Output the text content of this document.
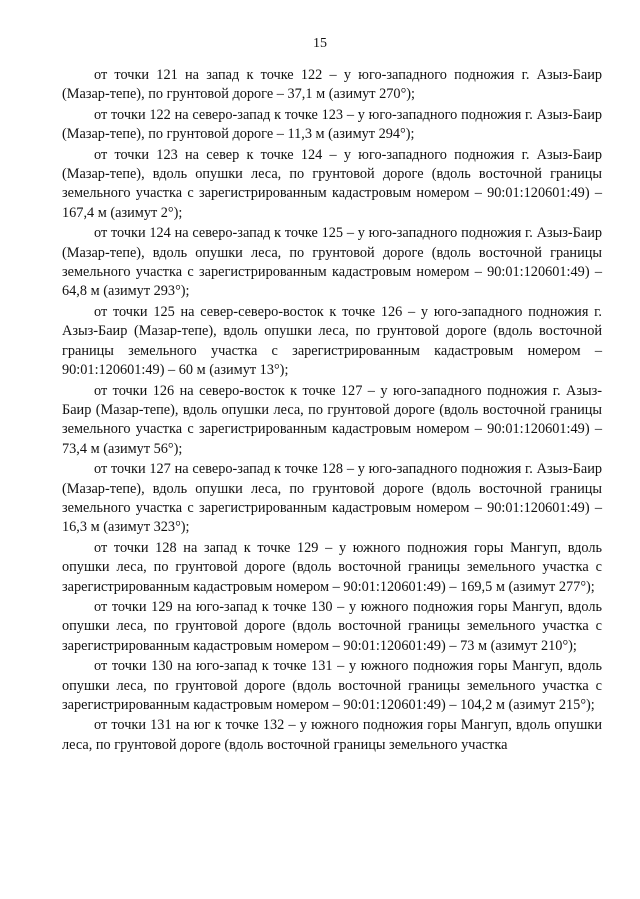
15

от точки 121 на запад к точке 122 – у юго-западного подножия г. Азыз-Баир (Мазар-тепе), по грунтовой дороге – 37,1 м (азимут 270°);

от точки 122 на северо-запад к точке 123 – у юго-западного подножия г. Азыз-Баир (Мазар-тепе), по грунтовой дороге – 11,3 м (азимут 294°);

от точки 123 на север к точке 124 – у юго-западного подножия г. Азыз-Баир (Мазар-тепе), вдоль опушки леса, по грунтовой дороге (вдоль восточной границы земельного участка с зарегистрированным кадастровым номером – 90:01:120601:49) – 167,4 м (азимут 2°);

от точки 124 на северо-запад к точке 125 – у юго-западного подножия г. Азыз-Баир (Мазар-тепе), вдоль опушки леса, по грунтовой дороге (вдоль восточной границы земельного участка с зарегистрированным кадастровым номером – 90:01:120601:49) – 64,8 м (азимут 293°);

от точки 125 на север-северо-восток к точке 126 – у юго-западного подножия г. Азыз-Баир (Мазар-тепе), вдоль опушки леса, по грунтовой дороге (вдоль восточной границы земельного участка с зарегистрированным кадастровым номером – 90:01:120601:49) – 60 м (азимут 13°);

от точки 126 на северо-восток к точке 127 – у юго-западного подножия г. Азыз-Баир (Мазар-тепе), вдоль опушки леса, по грунтовой дороге (вдоль восточной границы земельного участка с зарегистрированным кадастровым номером – 90:01:120601:49) – 73,4 м (азимут 56°);

от точки 127 на северо-запад к точке 128 – у юго-западного подножия г. Азыз-Баир (Мазар-тепе), вдоль опушки леса, по грунтовой дороге (вдоль восточной границы земельного участка с зарегистрированным кадастровым номером – 90:01:120601:49) – 16,3 м (азимут 323°);

от точки 128 на запад к точке 129 – у южного подножия горы Мангуп, вдоль опушки леса, по грунтовой дороге (вдоль восточной границы земельного участка с зарегистрированным кадастровым номером – 90:01:120601:49) – 169,5 м (азимут 277°);

от точки 129 на юго-запад к точке 130 – у южного подножия горы Мангуп, вдоль опушки леса, по грунтовой дороге (вдоль восточной границы земельного участка с зарегистрированным кадастровым номером – 90:01:120601:49) – 73 м (азимут 210°);

от точки 130 на юго-запад к точке 131 – у южного подножия горы Мангуп, вдоль опушки леса, по грунтовой дороге (вдоль восточной границы земельного участка с зарегистрированным кадастровым номером – 90:01:120601:49) – 104,2 м (азимут 215°);

от точки 131 на юг к точке 132 – у южного подножия горы Мангуп, вдоль опушки леса, по грунтовой дороге (вдоль восточной границы земельного участка
